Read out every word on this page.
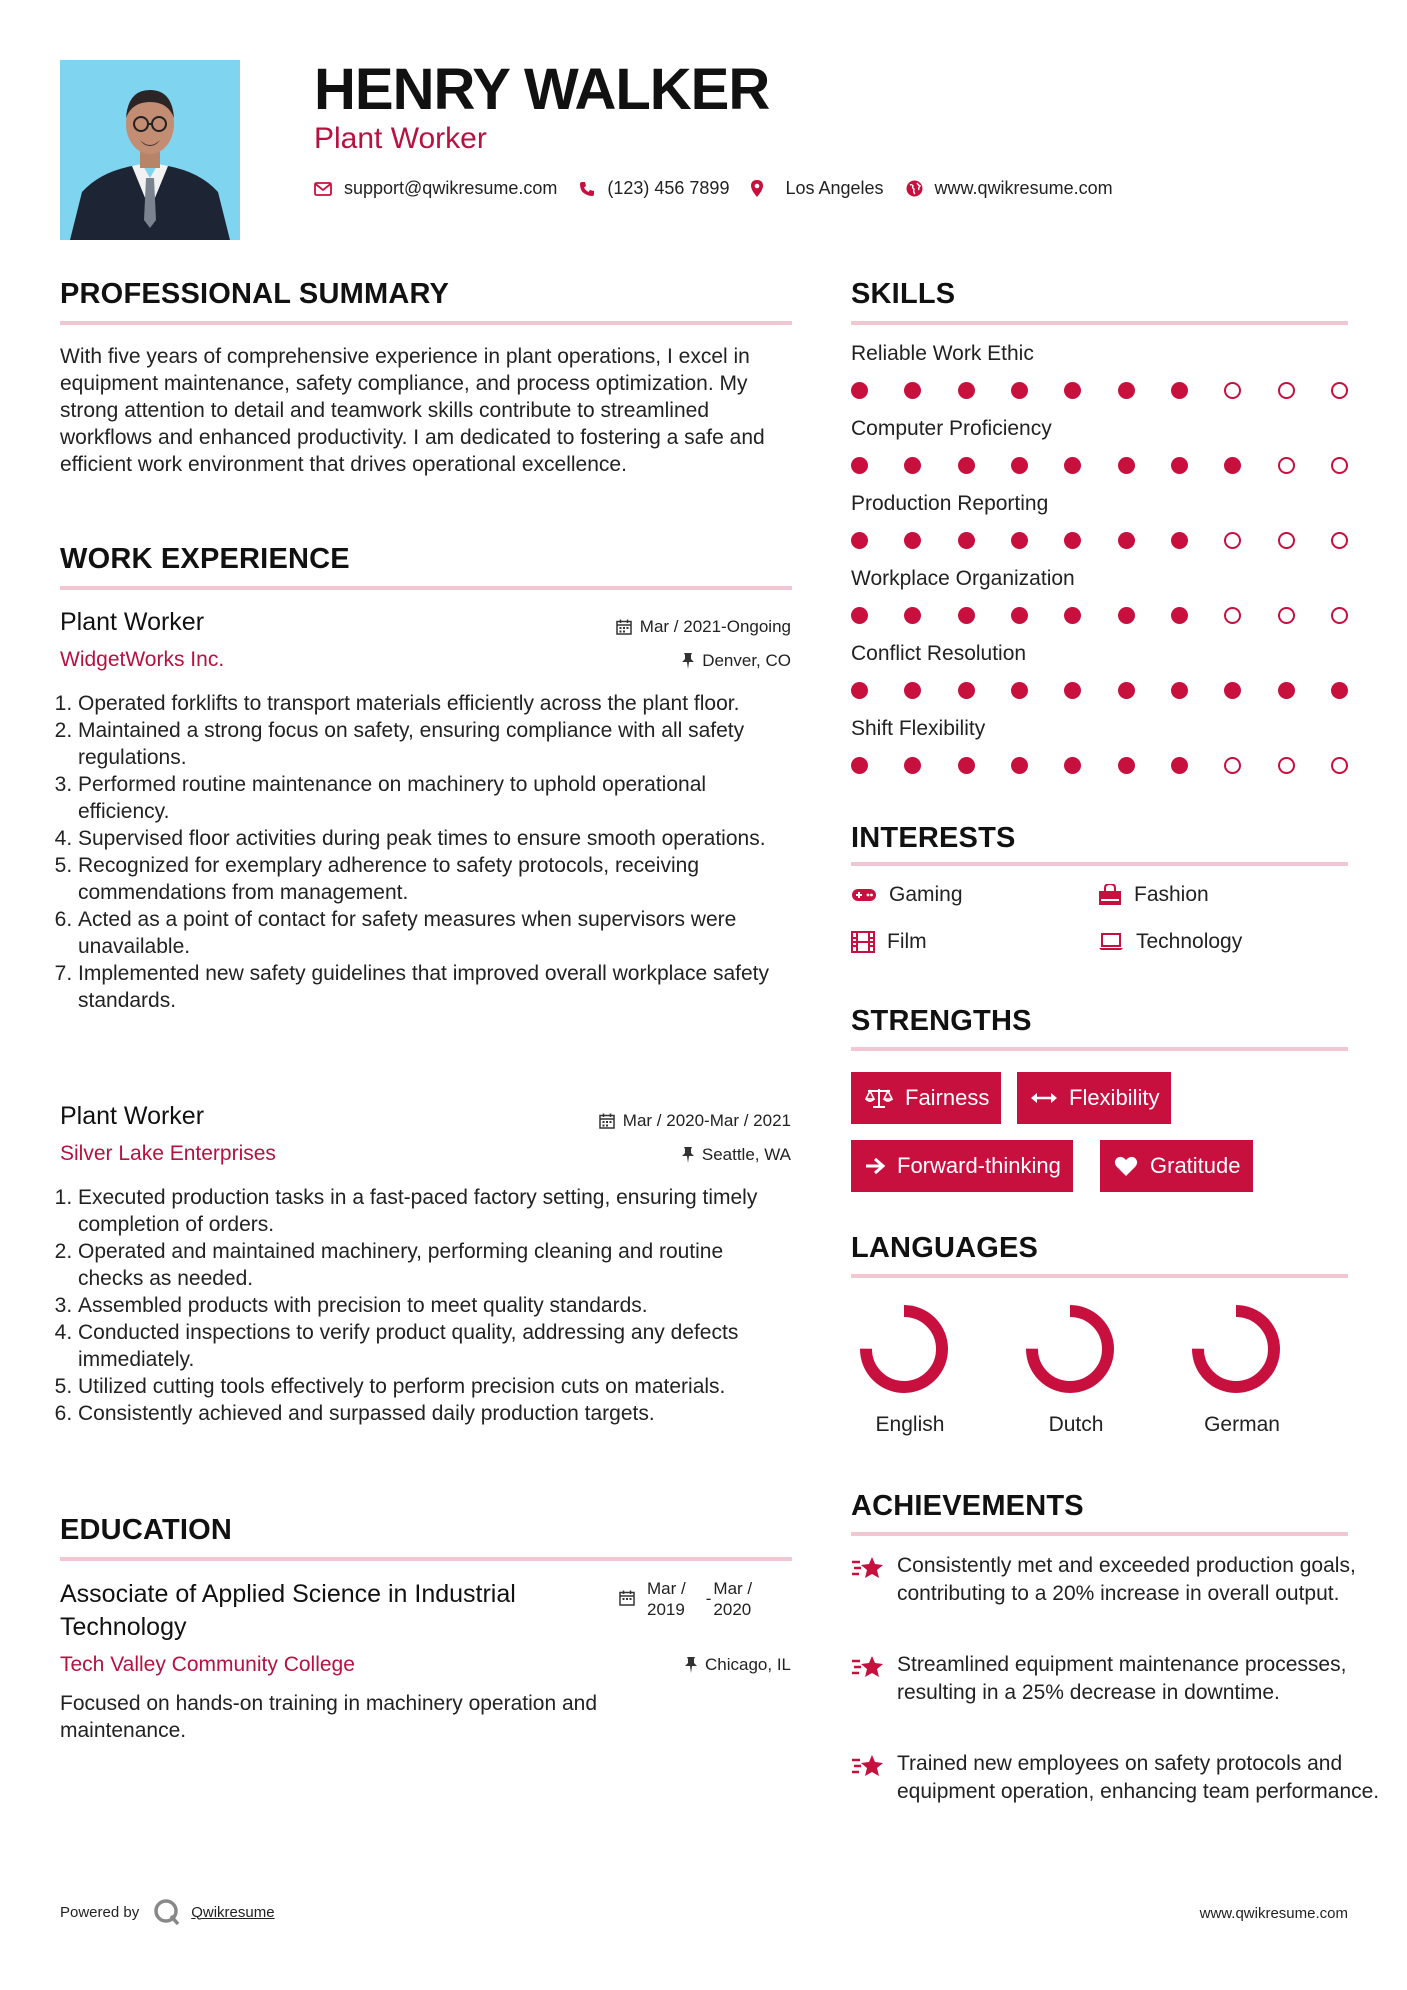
HENRY WALKER
Plant Worker
support@qwikresume.com	(123) 456 7899	Los Angeles	www.qwikresume.com
PROFESSIONAL SUMMARY
With five years of comprehensive experience in plant operations, I excel in equipment maintenance, safety compliance, and process optimization. My strong attention to detail and teamwork skills contribute to streamlined workflows and enhanced productivity. I am dedicated to fostering a safe and efficient work environment that drives operational excellence.
WORK EXPERIENCE
Plant Worker
WidgetWorks Inc.
Mar / 2021-Ongoing
Denver, CO
1. Operated forklifts to transport materials efficiently across the plant floor.
2. Maintained a strong focus on safety, ensuring compliance with all safety regulations.
3. Performed routine maintenance on machinery to uphold operational efficiency.
4. Supervised floor activities during peak times to ensure smooth operations.
5. Recognized for exemplary adherence to safety protocols, receiving commendations from management.
6. Acted as a point of contact for safety measures when supervisors were unavailable.
7. Implemented new safety guidelines that improved overall workplace safety standards.
Plant Worker
Silver Lake Enterprises
Mar / 2020-Mar / 2021
Seattle, WA
1. Executed production tasks in a fast-paced factory setting, ensuring timely completion of orders.
2. Operated and maintained machinery, performing cleaning and routine checks as needed.
3. Assembled products with precision to meet quality standards.
4. Conducted inspections to verify product quality, addressing any defects immediately.
5. Utilized cutting tools effectively to perform precision cuts on materials.
6. Consistently achieved and surpassed daily production targets.
EDUCATION
Associate of Applied Science in Industrial Technology
Mar /
2019
-
Mar /
2020
Tech Valley Community College	Chicago, IL
Focused on hands-on training in machinery operation and maintenance.
SKILLS
Reliable Work Ethic
Computer Proficiency
Production Reporting
Workplace Organization
Conflict Resolution
Shift Flexibility
INTERESTS
Gaming	Fashion
Film	Technology
STRENGTHS
Fairness	Flexibility
Forward-thinking	Gratitude
LANGUAGES
English	Dutch	German
ACHIEVEMENTS
Consistently met and exceeded production goals, contributing to a 20% increase in overall output.
Streamlined equipment maintenance processes, resulting in a 25% decrease in downtime.
Trained new employees on safety protocols and equipment operation, enhancing team performance.
Powered by	Qwikresume	www.qwikresume.com
